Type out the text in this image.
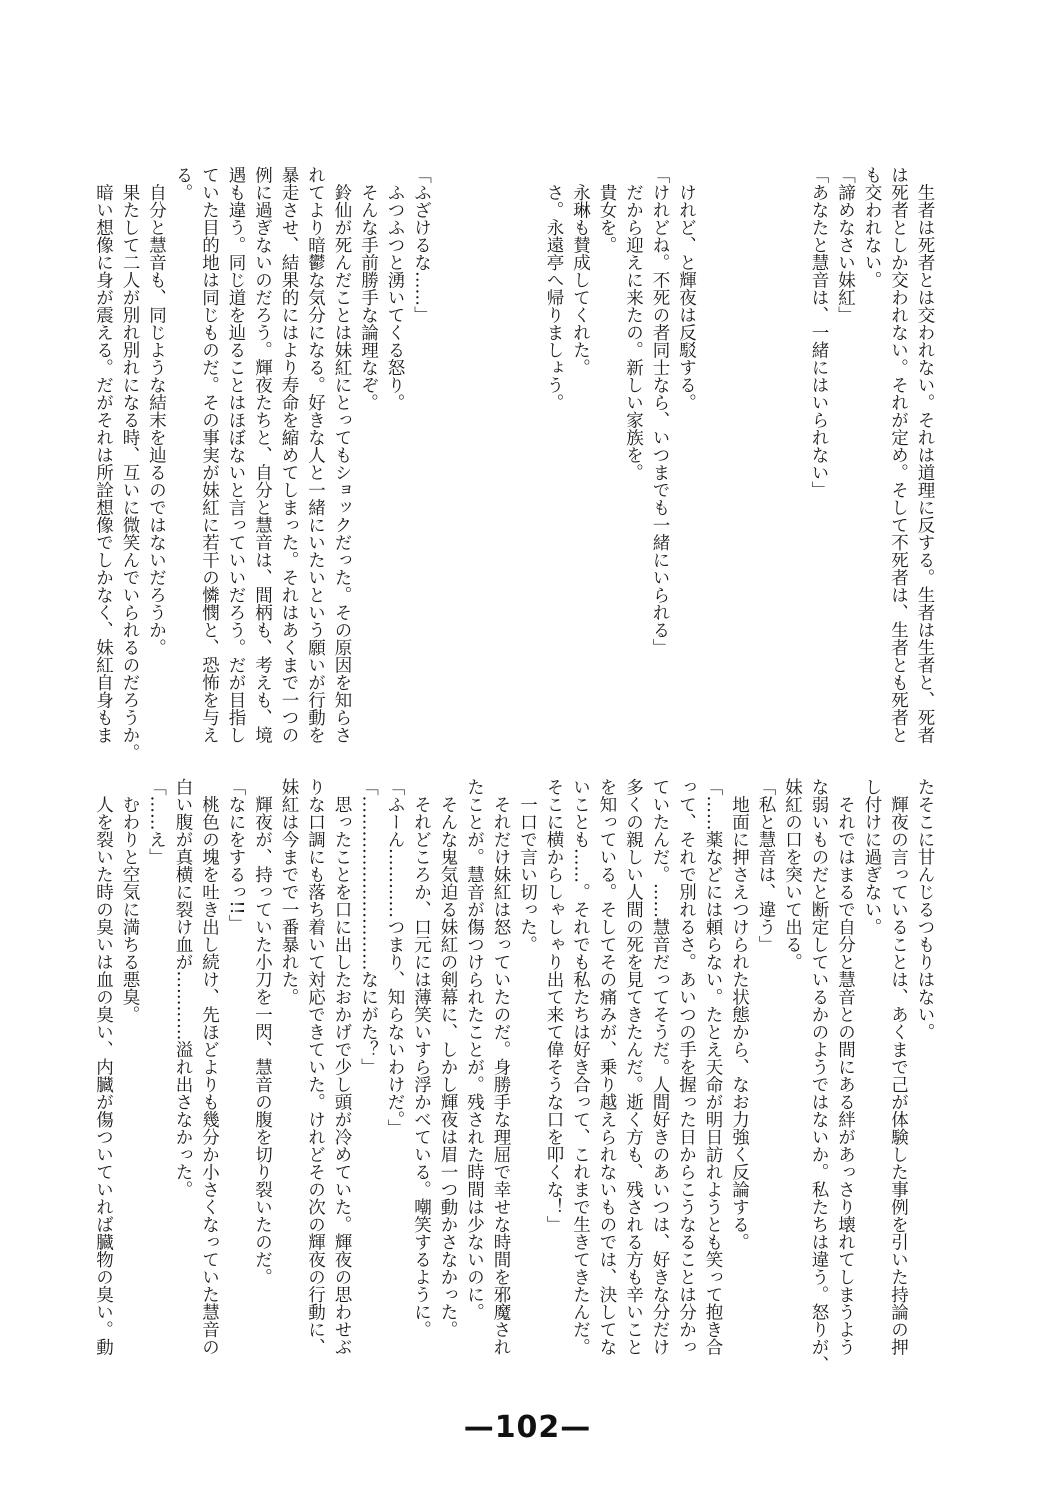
　生者は死者とは交われない。それは道理に反する。生者は生者と、死者
は死者としか交われない。それが定め。そして不死者は、生者とも死者と
も交われない。
「諦めなさい妹紅」
「あなたと慧音は、一緒にはいられない」
　けれど、と輝夜は反駁する。
「けれどね。不死の者同士なら、いつまでも一緒にいられる」
　だから迎えに来たの。新しい家族を。
　貴女を。
　永琳も賛成してくれた。
　さ。永遠亭へ帰りましょう。
「ふざけるな……」
　ふつふつと湧いてくる怒り。
　そんな手前勝手な論理なぞ。
　鈴仙が死んだことは妹紅にとってもショックだった。その原因を知らさ
れてより暗鬱な気分になる。好きな人と一緒にいたいという願いが行動を
暴走させ、結果的にはより寿命を縮めてしまった。それはあくまで一つの
例に過ぎないのだろう。輝夜たちと、自分と慧音は、間柄も、考えも、境
遇も違う。同じ道を辿ることはほぼないと言っていいだろう。だが目指し
ていた目的地は同じものだ。その事実が妹紅に若干の憐憫と、恐怖を与え
る。
　自分と慧音も、同じような結末を辿るのではないだろうか。
　果たして二人が別れ別れになる時、互いに微笑んでいられるのだろうか。
　暗い想像に身が震える。だがそれは所詮想像でしかなく、妹紅自身もま
たそこに甘んじるつもりはない。
　輝夜の言っていることは、あくまで己が体験した事例を引いた持論の押
し付けに過ぎない。
　それではまるで自分と慧音との間にある絆があっさり壊れてしまうよう
な弱いものだと断定しているかのようではないか。私たちは違う。怒りが、
妹紅の口を突いて出る。
「私と慧音は、違う」
　地面に押さえつけられた状態から、なお力強く反論する。
「……薬などには頼らない。たとえ天命が明日訪れようとも笑って抱き合
って、それで別れるさ。あいつの手を握った日からこうなることは分かっ
ていたんだ。……慧音だってそうだ。人間好きのあいつは、好きな分だけ
多くの親しい人間の死を見てきたんだ。逝く方も、残される方も辛いこと
を知っている。そしてその痛みが、乗り越えられないものでは、決してな
いことも……。それでも私たちは好き合って、これまで生きてきたんだ。
そこに横からしゃしゃり出て来て偉そうな口を叩くな！」
　一口で言い切った。
　それだけ妹紅は怒っていたのだ。身勝手な理屈で幸せな時間を邪魔され
たことが。慧音が傷つけられたことが。残された時間は少ないのに。
　そんな鬼気迫る妹紅の剣幕に、しかし輝夜は眉一つ動かさなかった。
　それどころか、口元には薄笑いすら浮かべている。嘲笑するように。
「ふーん…………つまり、知らないわけだ。」
「…………………………なにがた？」
　思ったことを口に出したおかげで少し頭が冷めていた。輝夜の思わせぶ
りな口調にも落ち着いて対応できていた。けれどその次の輝夜の行動に、
妹紅は今までで一番暴れた。
　輝夜が、持っていた小刀を一閃、慧音の腹を切り裂いたのだ。
「なにをするっ!!」
　桃色の塊を吐き出し続け、先ほどよりも幾分か小さくなっていた慧音の
白い腹が真横に裂け血が…………溢れ出さなかった。
「……え」
　むわりと空気に満ちる悪臭。
　人を裂いた時の臭いは血の臭い、内臓が傷ついていれば臓物の臭い。動
—102—
